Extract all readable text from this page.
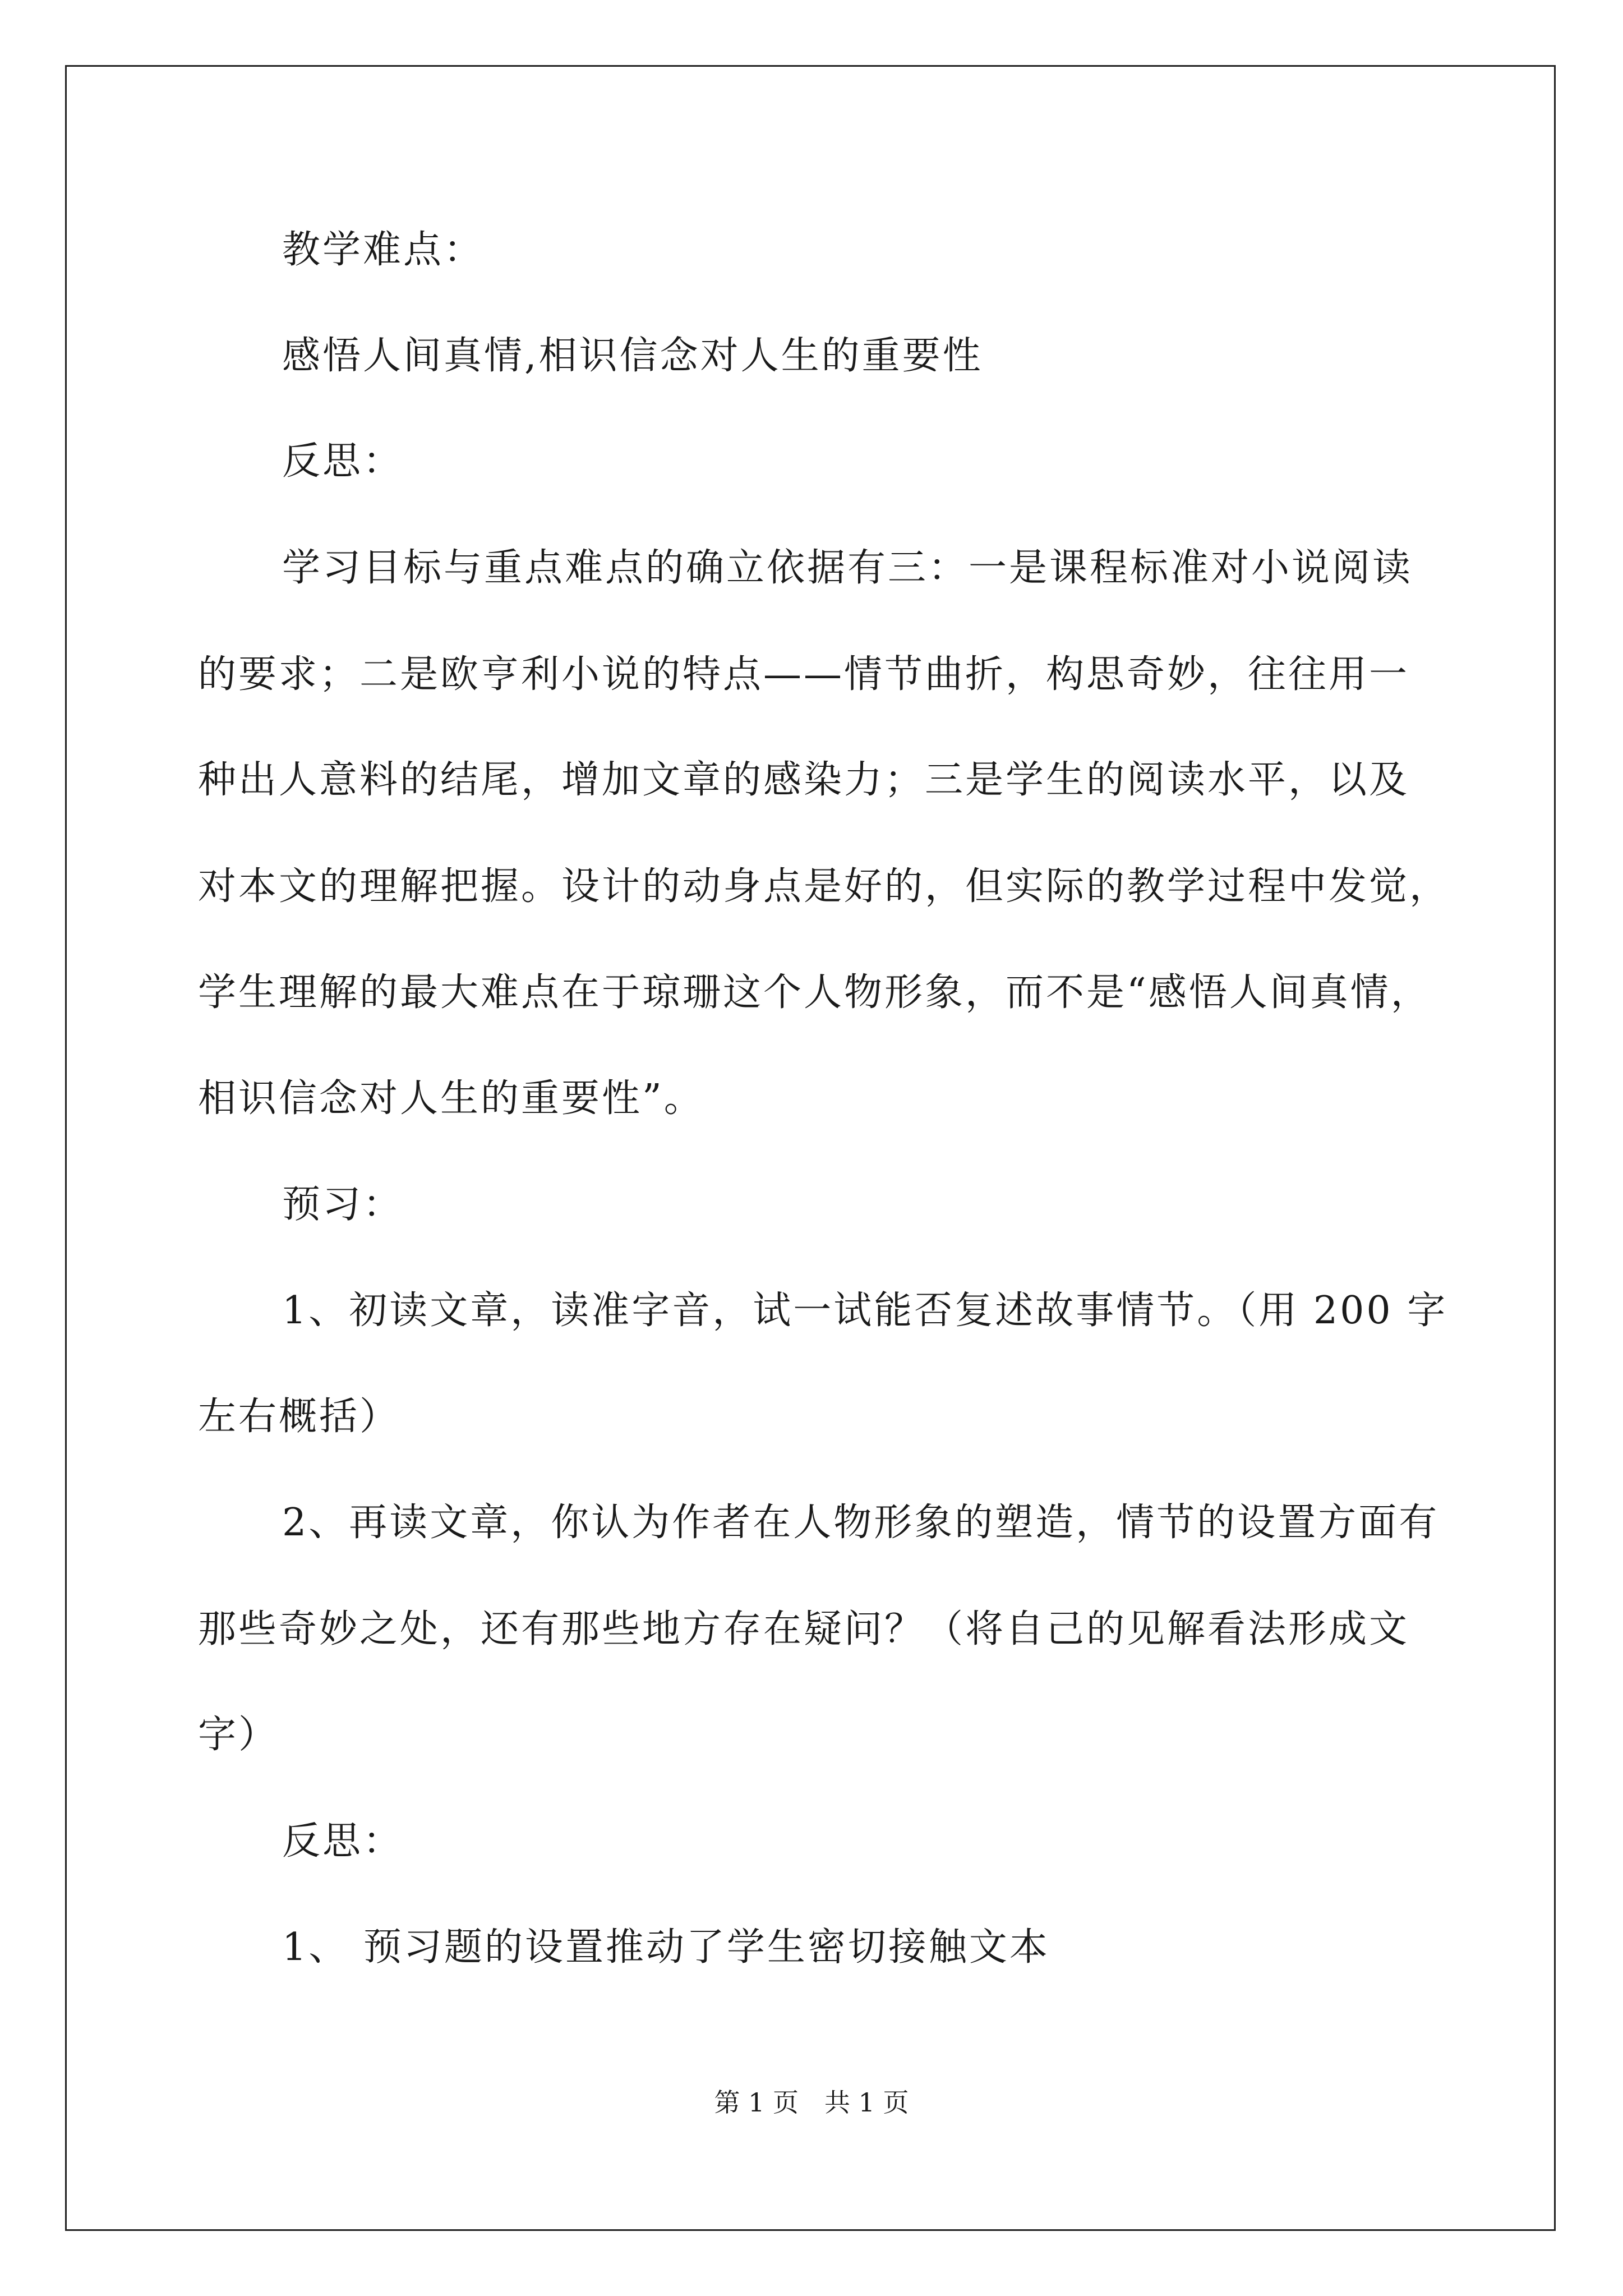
教学难点：
感悟人间真情,相识信念对人生的重要性
反思：
学习目标与重点难点的确立依据有三：一是课程标准对小说阅读
的要求；二是欧亨利小说的特点——情节曲折，构思奇妙，往往用一
种出人意料的结尾，增加文章的感染力；三是学生的阅读水平，以及
对本文的理解把握。设计的动身点是好的，但实际的教学过程中发觉，
学生理解的最大难点在于琼珊这个人物形象，而不是“感悟人间真情，
相识信念对人生的重要性”。
预习：
1、初读文章，读准字音，试一试能否复述故事情节。（用 200 字
左右概括）
2、再读文章，你认为作者在人物形象的塑造，情节的设置方面有
那些奇妙之处，还有那些地方存在疑问？（将自己的见解看法形成文
字）
反思：
1、 预习题的设置推动了学生密切接触文本
第 1 页　共 1 页
